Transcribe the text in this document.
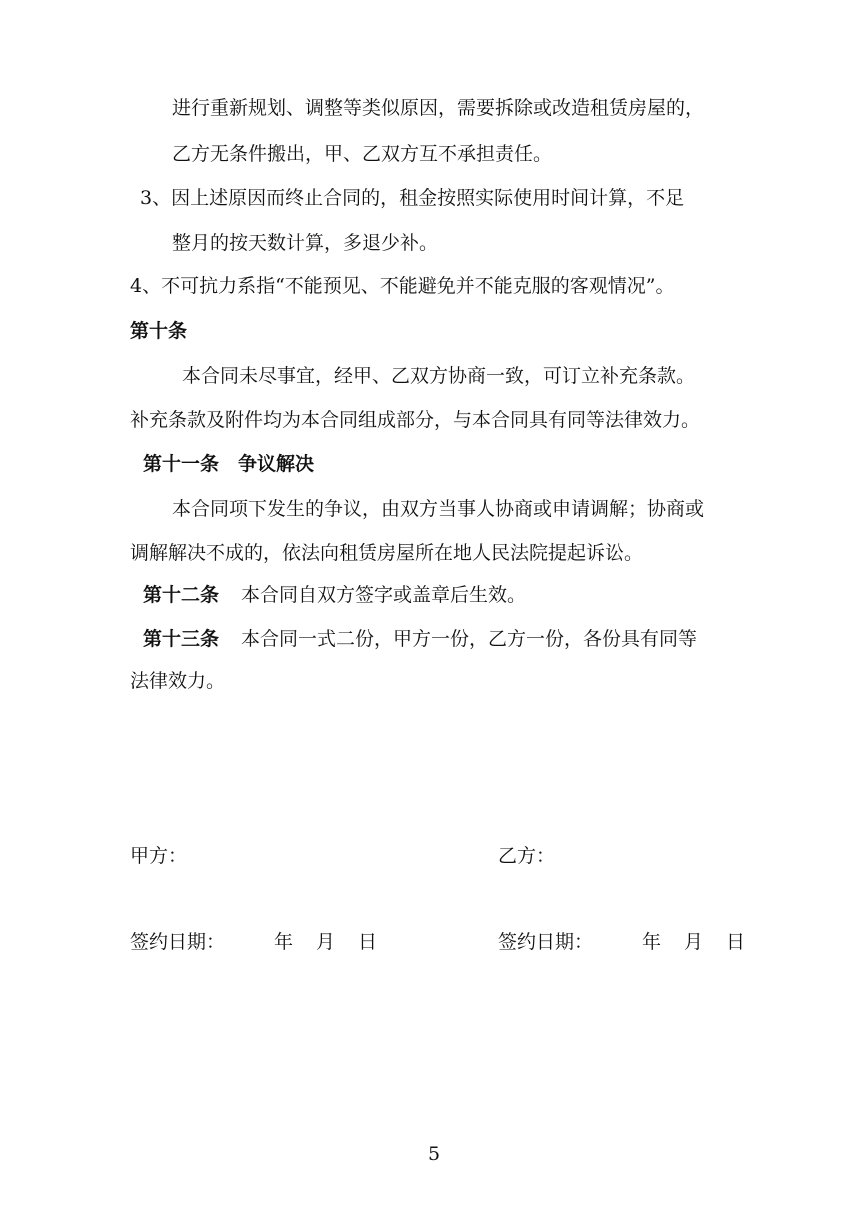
进行重新规划、调整等类似原因，需要拆除或改造租赁房屋的，
乙方无条件搬出，甲、乙双方互不承担责任。
3、因上述原因而终止合同的，租金按照实际使用时间计算，不足
整月的按天数计算，多退少补。
4、不可抗力系指“不能预见、不能避免并不能克服的客观情况”。
第十条
本合同未尽事宜，经甲、乙双方协商一致，可订立补充条款。
补充条款及附件均为本合同组成部分，与本合同具有同等法律效力。
第十一条　争议解决
本合同项下发生的争议，由双方当事人协商或申请调解；协商或
调解解决不成的，依法向租赁房屋所在地人民法院提起诉讼。
第十二条 本合同自双方签字或盖章后生效。
第十三条 本合同一式二份，甲方一份，乙方一份，各份具有同等
法律效力。
甲方：	乙方：
签约日期：	年 月 日	签约日期：	年 月 日
5
